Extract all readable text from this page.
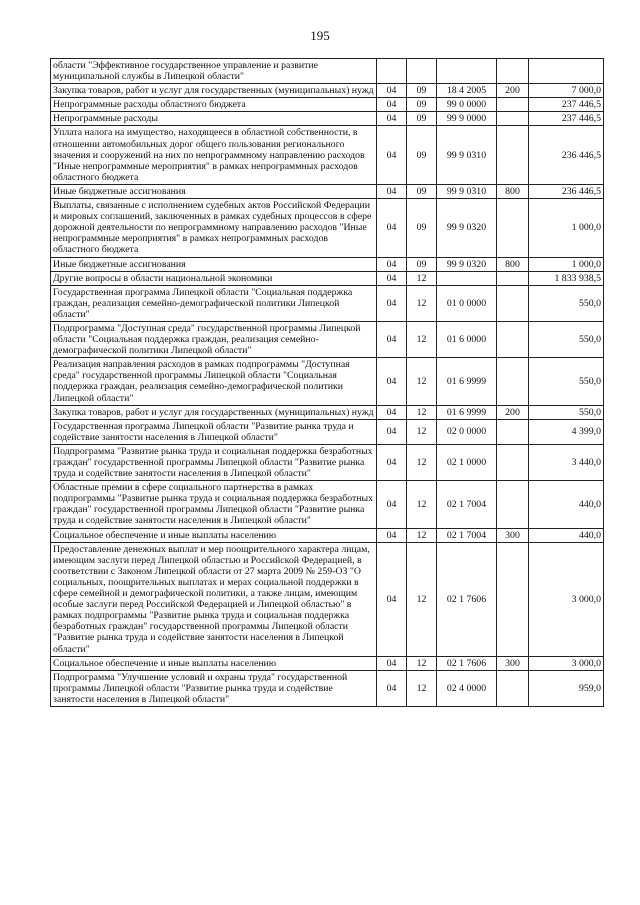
195
области "Эффективное государственное управление и развитие муниципальной службы в Липецкой области"					
Закупка товаров, работ и услуг для государственных (муниципальных) нужд	04	09	18 4 2005	200	7 000,0
Непрограммные расходы областного бюджета	04	09	99 0 0000		237 446,5
Непрограммные расходы	04	09	99 9 0000		237 446,5
Уплата налога на имущество, находящееся в областной собственности, в отношении автомобильных дорог общего пользования регионального значения и сооружений на них по непрограммному направлению расходов "Иные непрограммные мероприятия" в рамках непрограммных расходов областного бюджета	04	09	99 9 0310		236 446,5
Иные бюджетные ассигнования	04	09	99 9 0310	800	236 446,5
Выплаты, связанные с исполнением судебных актов Российской Федерации и мировых соглашений, заключенных в рамках судебных процессов в сфере дорожной деятельности по непрограммному направлению расходов "Иные непрограммные мероприятия" в рамках непрограммных расходов областного бюджета	04	09	99 9 0320		1 000,0
Иные бюджетные ассигнования	04	09	99 9 0320	800	1 000,0
Другие вопросы в области национальной экономики	04	12			1 833 938,5
Государственная программа Липецкой области "Социальная поддержка граждан, реализация семейно-демографической политики Липецкой области"	04	12	01 0 0000		550,0
Подпрограмма "Доступная среда" государственной программы Липецкой области "Социальная поддержка граждан, реализация семейно-демографической политики Липецкой области"	04	12	01 6 0000		550,0
Реализация направления расходов в рамках подпрограммы "Доступная среда" государственной программы Липецкой области "Социальная поддержка граждан, реализация семейно-демографической политики Липецкой области"	04	12	01 6 9999		550,0
Закупка товаров, работ и услуг для государственных (муниципальных) нужд	04	12	01 6 9999	200	550,0
Государственная программа Липецкой области "Развитие рынка труда и содействие занятости населения в Липецкой области"	04	12	02 0 0000		4 399,0
Подпрограмма "Развитие рынка труда и социальная поддержка безработных граждан" государственной программы Липецкой области "Развитие рынка труда и содействие занятости населения в Липецкой области"	04	12	02 1 0000		3 440,0
Областные премии в сфере социального партнерства в рамках подпрограммы "Развитие рынка труда и социальная поддержка безработных граждан" государственной программы Липецкой области "Развитие рынка труда и содействие занятости населения в Липецкой области"	04	12	02 1 7004		440,0
Социальное обеспечение и иные выплаты населению	04	12	02 1 7004	300	440,0
Предоставление денежных выплат и мер поощрительного характера лицам, имеющим заслуги перед Липецкой областью и Российской Федерацией, в соответствии с Законом Липецкой области от 27 марта 2009 № 259-ОЗ "О социальных, поощрительных выплатах и мерах социальной поддержки в сфере семейной и демографической политики, а также лицам, имеющим особые заслуги перед Российской Федерацией и Липецкой областью" в рамках подпрограммы "Развитие рынка труда и социальная поддержка безработных граждан" государственной программы Липецкой области "Развитие рынка труда и содействие занятости населения в Липецкой области"	04	12	02 1 7606		3 000,0
Социальное обеспечение и иные выплаты населению	04	12	02 1 7606	300	3 000,0
Подпрограмма "Улучшение условий и охраны труда" государственной программы Липецкой области "Развитие рынка труда и содействие занятости населения в Липецкой области"	04	12	02 4 0000		959,0
